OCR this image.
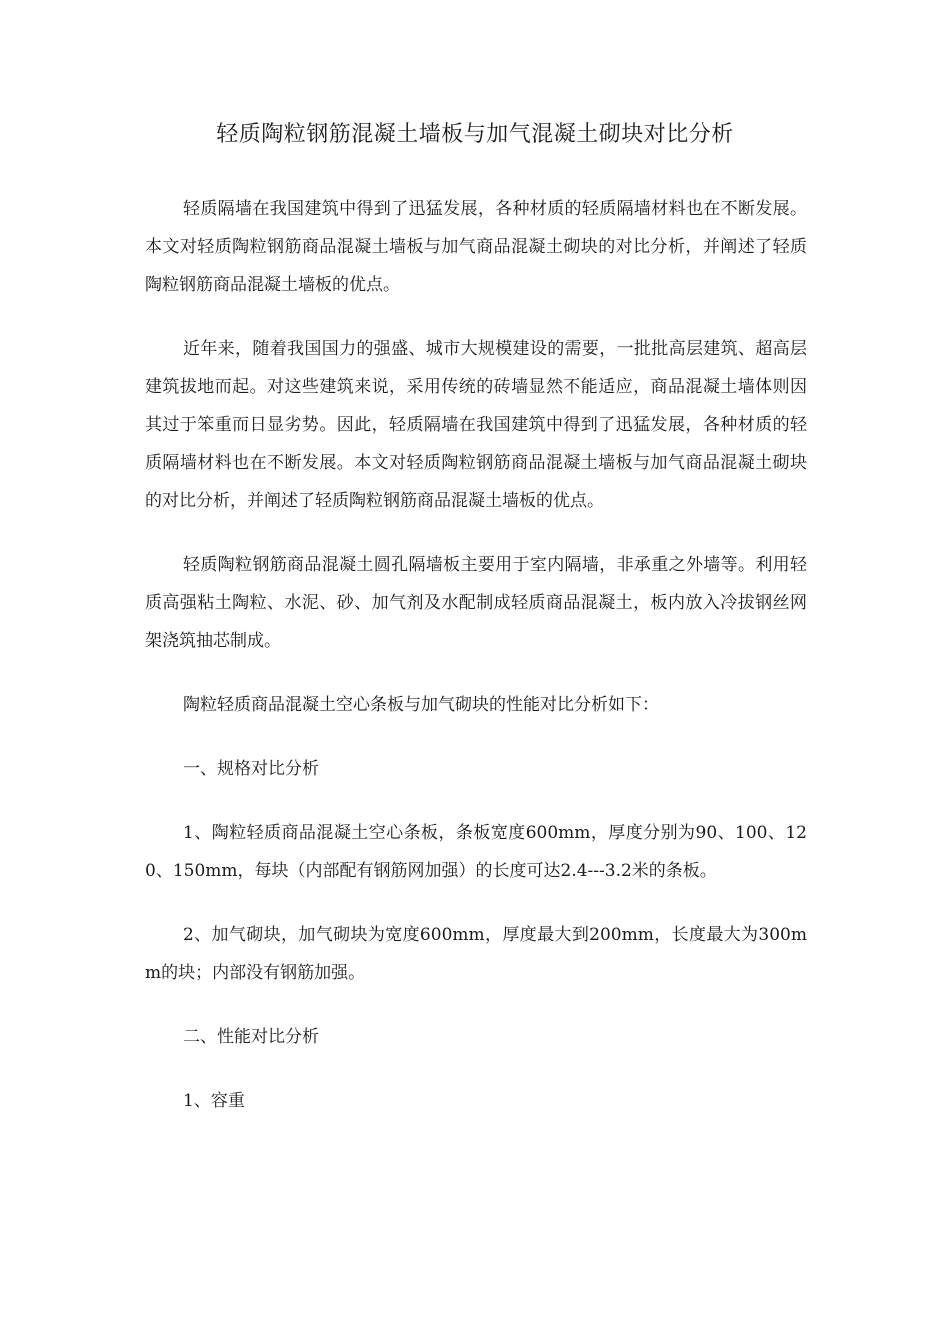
轻质陶粒钢筋混凝土墙板与加气混凝土砌块对比分析

轻质隔墙在我国建筑中得到了迅猛发展，各种材质的轻质隔墙材料也在不断发展。本文对轻质陶粒钢筋商品混凝土墙板与加气商品混凝土砌块的对比分析，并阐述了轻质陶粒钢筋商品混凝土墙板的优点。

近年来，随着我国国力的强盛、城市大规模建设的需要，一批批高层建筑、超高层建筑拔地而起。对这些建筑来说，采用传统的砖墙显然不能适应，商品混凝土墙体则因其过于笨重而日显劣势。因此，轻质隔墙在我国建筑中得到了迅猛发展，各种材质的轻质隔墙材料也在不断发展。本文对轻质陶粒钢筋商品混凝土墙板与加气商品混凝土砌块的对比分析，并阐述了轻质陶粒钢筋商品混凝土墙板的优点。

轻质陶粒钢筋商品混凝土圆孔隔墙板主要用于室内隔墙，非承重之外墙等。利用轻质高强粘土陶粒、水泥、砂、加气剂及水配制成轻质商品混凝土，板内放入冷拔钢丝网架浇筑抽芯制成。

陶粒轻质商品混凝土空心条板与加气砌块的性能对比分析如下：

一、规格对比分析

1、陶粒轻质商品混凝土空心条板，条板宽度600mm，厚度分别为90、100、120、150mm，每块（内部配有钢筋网加强）的长度可达2.4---3.2米的条板。

2、加气砌块，加气砌块为宽度600mm，厚度最大到200mm，长度最大为300mm的块；内部没有钢筋加强。

二、性能对比分析

1、容重
